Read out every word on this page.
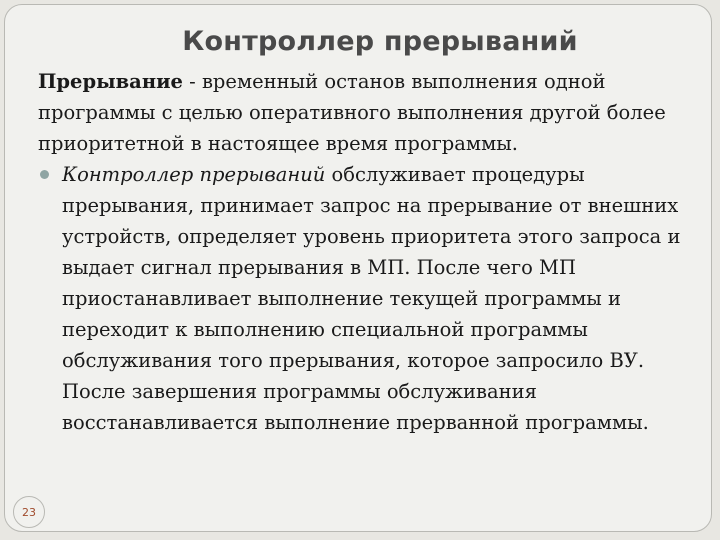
Контроллер прерываний
Прерывание - временный останов выполнения одной программы с целью оперативного выполнения другой более приоритетной в настоящее время программы.
Контроллер прерываний обслуживает процедуры прерывания, принимает запрос на прерывание от внешних устройств, определяет уровень приоритета этого запроса и выдает сигнал прерывания в МП. После чего МП приостанавливает выполнение текущей программы и переходит к выполнению специальной программы обслуживания того прерывания, которое запросило ВУ. После завершения программы обслуживания восстанавливается выполнение прерванной программы.
23
